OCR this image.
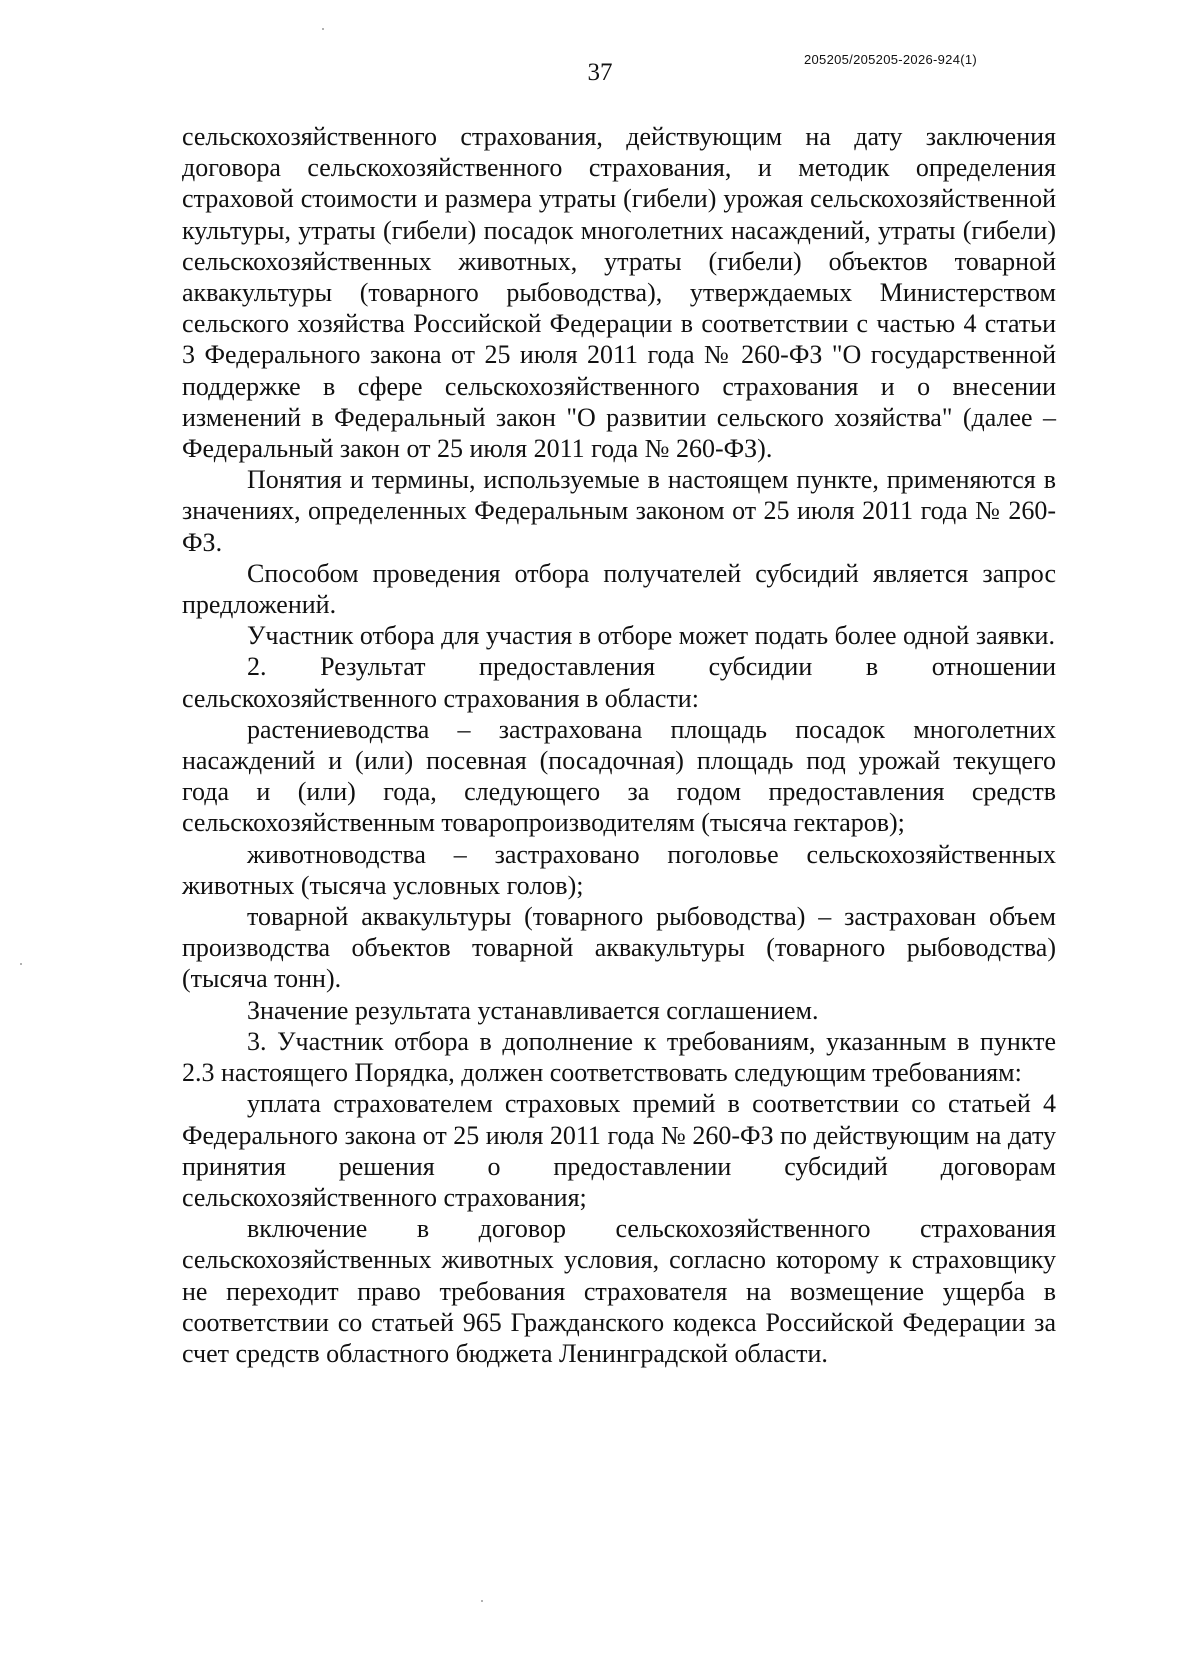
37	205205/205205-2026-924(1)

сельскохозяйственного страхования, действующим на дату заключения договора сельскохозяйственного страхования, и методик определения страховой стоимости и размера утраты (гибели) урожая сельскохозяйственной культуры, утраты (гибели) посадок многолетних насаждений, утраты (гибели) сельскохозяйственных животных, утраты (гибели) объектов товарной аквакультуры (товарного рыбоводства), утверждаемых Министерством сельского хозяйства Российской Федерации в соответствии с частью 4 статьи 3 Федерального закона от 25 июля 2011 года № 260-ФЗ "О государственной поддержке в сфере сельскохозяйственного страхования и о внесении изменений в Федеральный закон "О развитии сельского хозяйства" (далее – Федеральный закон от 25 июля 2011 года № 260-ФЗ).

Понятия и термины, используемые в настоящем пункте, применяются в значениях, определенных Федеральным законом от 25 июля 2011 года № 260-ФЗ.

Способом проведения отбора получателей субсидий является запрос предложений.

Участник отбора для участия в отборе может подать более одной заявки.

2. Результат предоставления субсидии в отношении сельскохозяйственного страхования в области:

растениеводства – застрахована площадь посадок многолетних насаждений и (или) посевная (посадочная) площадь под урожай текущего года и (или) года, следующего за годом предоставления средств сельскохозяйственным товаропроизводителям (тысяча гектаров);

животноводства – застраховано поголовье сельскохозяйственных животных (тысяча условных голов);

товарной аквакультуры (товарного рыбоводства) – застрахован объем производства объектов товарной аквакультуры (товарного рыбоводства) (тысяча тонн).

Значение результата устанавливается соглашением.

3. Участник отбора в дополнение к требованиям, указанным в пункте 2.3 настоящего Порядка, должен соответствовать следующим требованиям:

уплата страхователем страховых премий в соответствии со статьей 4 Федерального закона от 25 июля 2011 года № 260-ФЗ по действующим на дату принятия решения о предоставлении субсидий договорам сельскохозяйственного страхования;

включение в договор сельскохозяйственного страхования сельскохозяйственных животных условия, согласно которому к страховщику не переходит право требования страхователя на возмещение ущерба в соответствии со статьей 965 Гражданского кодекса Российской Федерации за счет средств областного бюджета Ленинградской области.
